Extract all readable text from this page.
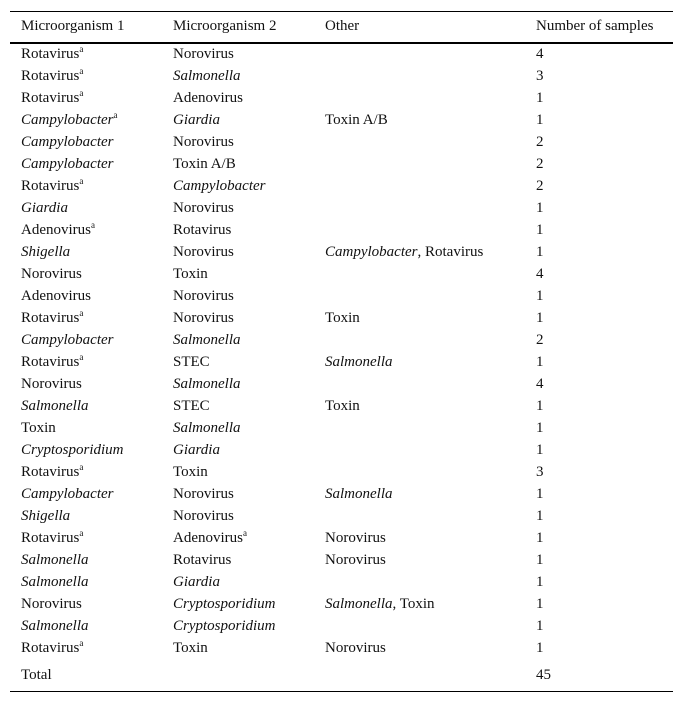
Microorganism 1	Microorganism 2	Other	Number of samples
Rotavirus$^a$	Norovirus		4
Rotavirus$^a$	Salmonella		3
Rotavirus$^a$	Adenovirus		1
Campylobacter$^a$	Giardia	Toxin A/B	1
Campylobacter	Norovirus		2
Campylobacter	Toxin A/B		2
Rotavirus$^a$	Campylobacter		2
Giardia	Norovirus		1
Adenovirus$^a$	Rotavirus		1
Shigella	Norovirus	Campylobacter, Rotavirus	1
Norovirus	Toxin		4
Adenovirus	Norovirus		1
Rotavirus$^a$	Norovirus	Toxin	1
Campylobacter	Salmonella		2
Rotavirus$^a$	STEC	Salmonella	1
Norovirus	Salmonella		4
Salmonella	STEC	Toxin	1
Toxin	Salmonella		1
Cryptosporidium	Giardia		1
Rotavirus$^a$	Toxin		3
Campylobacter	Norovirus	Salmonella	1
Shigella	Norovirus		1
Rotavirus$^a$	Adenovirus$^a$	Norovirus	1
Salmonella	Rotavirus	Norovirus	1
Salmonella	Giardia		1
Norovirus	Cryptosporidium	Salmonella, Toxin	1
Salmonella	Cryptosporidium		1
Rotavirus$^a$	Toxin	Norovirus	1
Total			45
